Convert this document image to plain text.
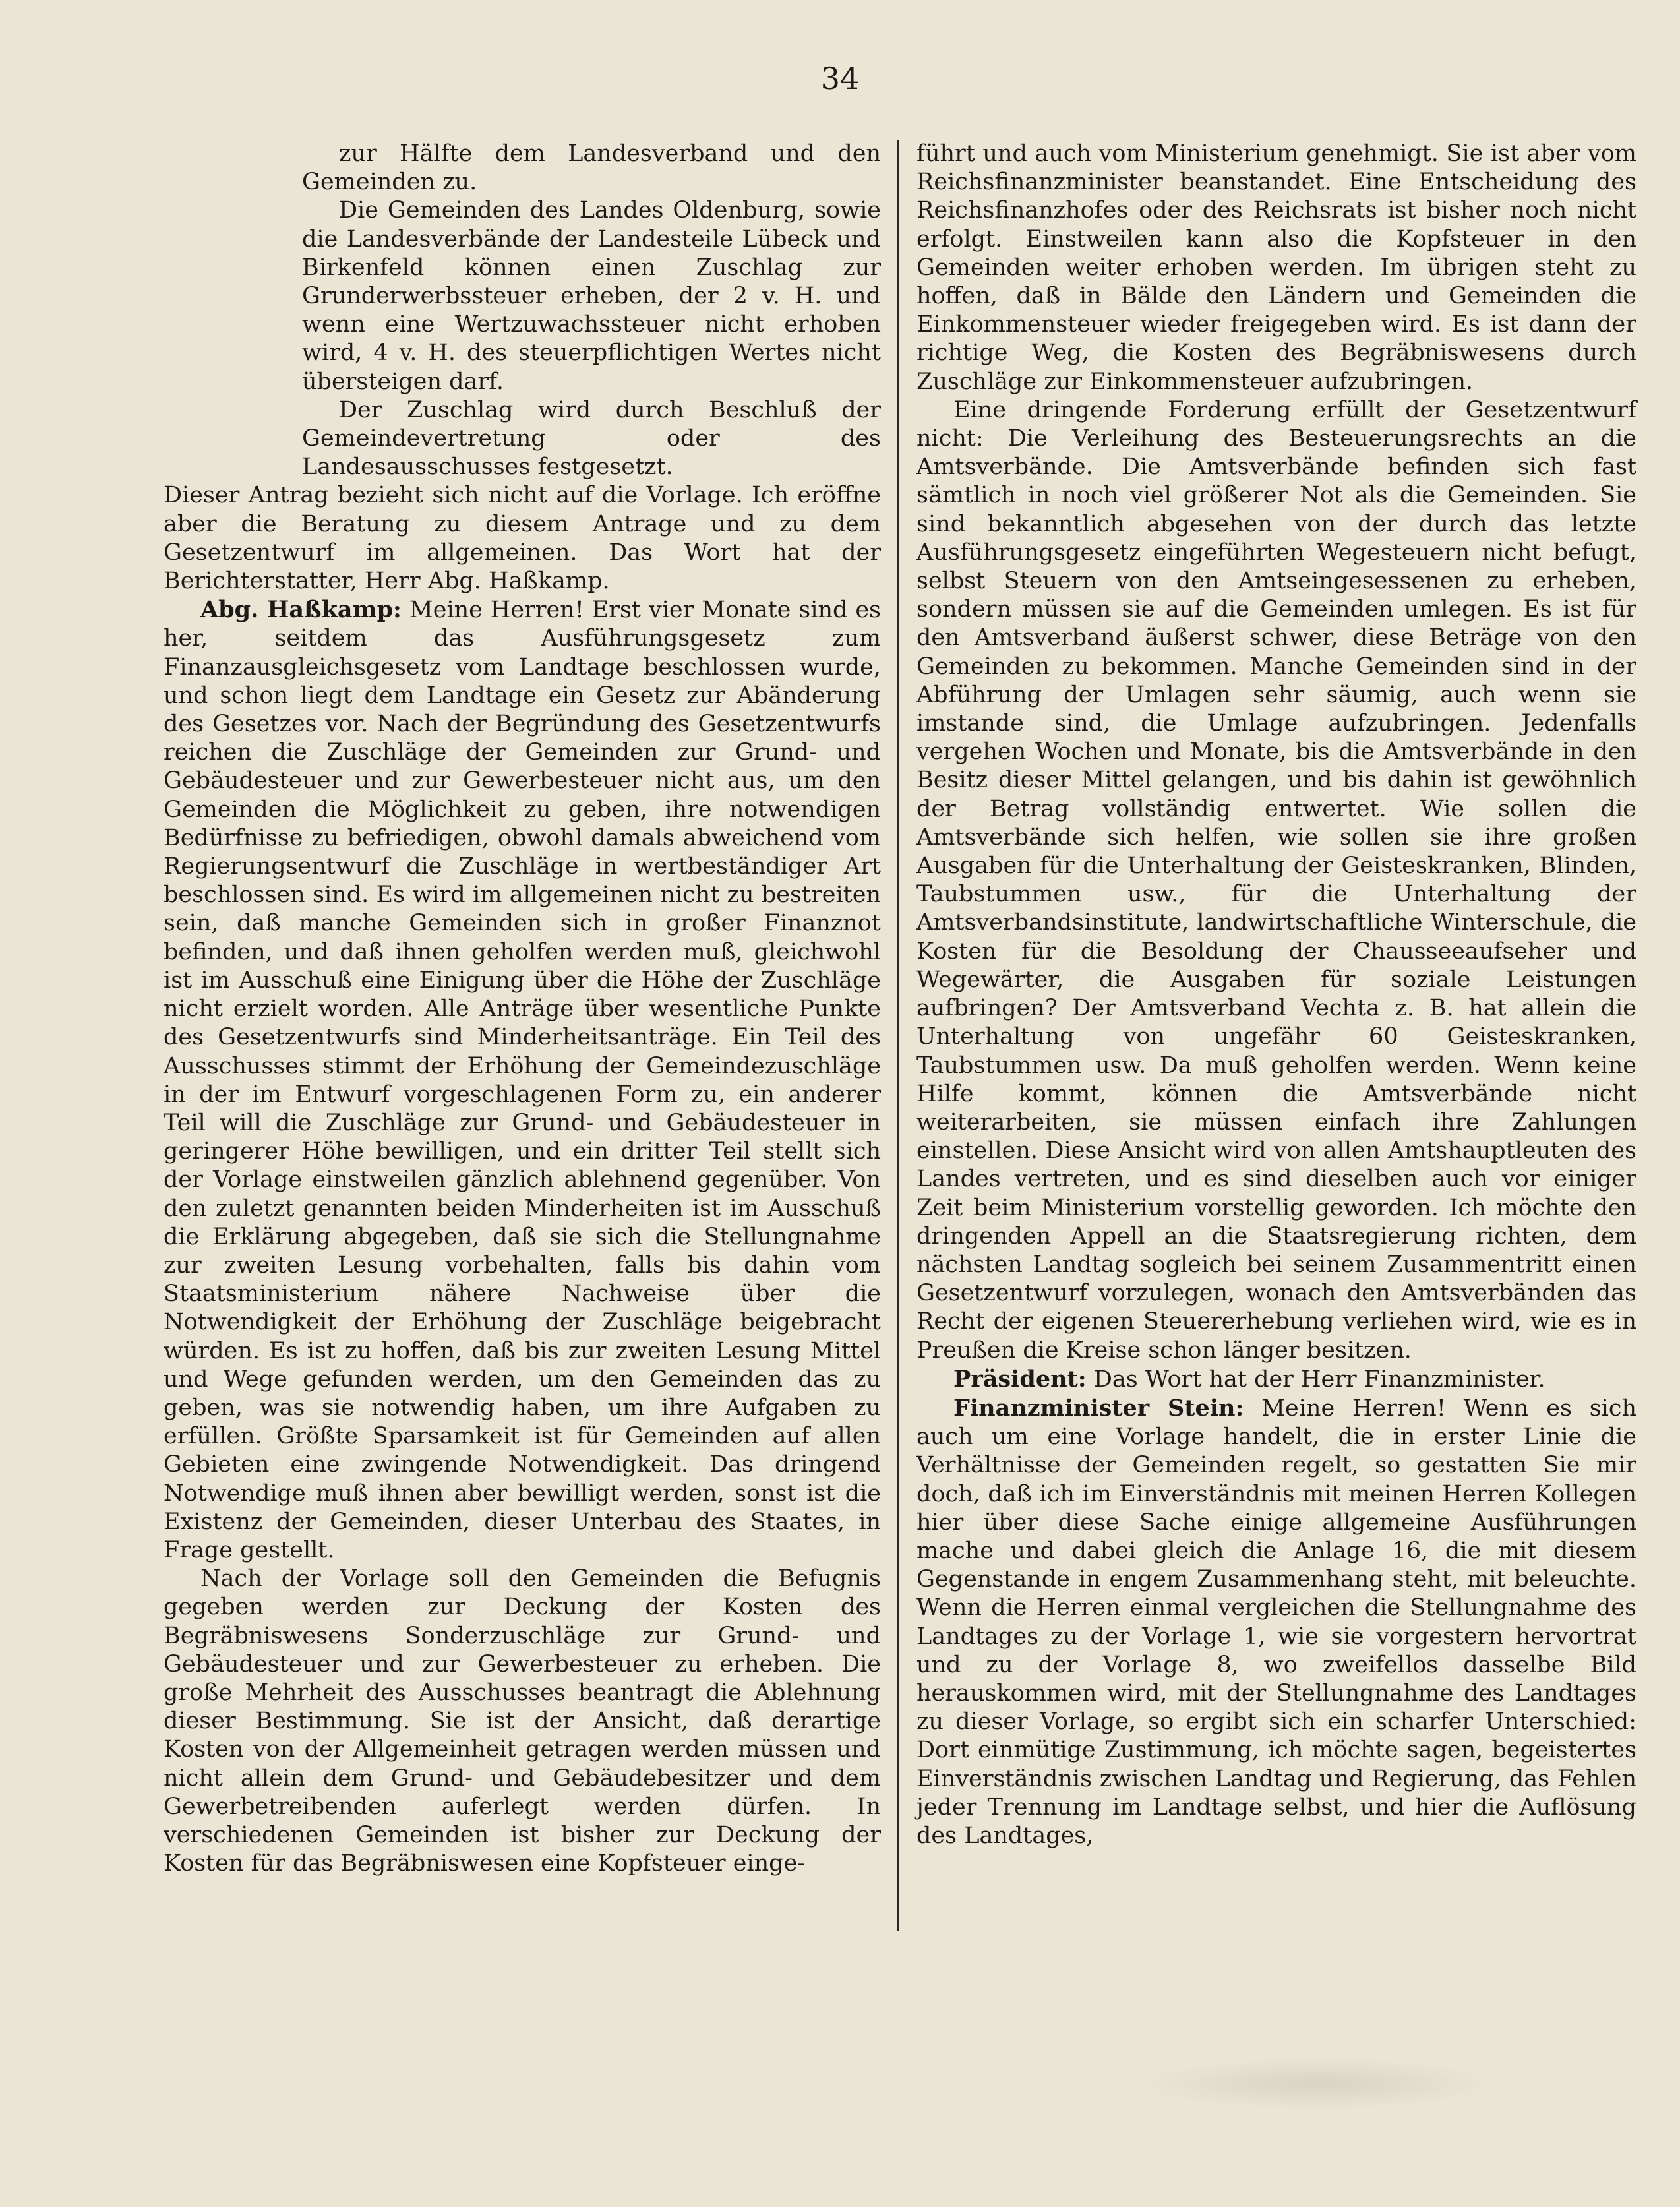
34

zur Hälfte dem Landesverband und den Gemeinden zu.

Die Gemeinden des Landes Oldenburg, sowie die Landesverbände der Landesteile Lübeck und Birkenfeld können einen Zuschlag zur Grunderwerbssteuer erheben, der 2 v. H. und wenn eine Wertzuwachssteuer nicht erhoben wird, 4 v. H. des steuerpflichtigen Wertes nicht übersteigen darf.

Der Zuschlag wird durch Beschluß der Gemeindevertretung oder des Landesausschusses festgesetzt.

Dieser Antrag bezieht sich nicht auf die Vorlage. Ich eröffne aber die Beratung zu diesem Antrage und zu dem Gesetzentwurf im allgemeinen. Das Wort hat der Berichterstatter, Herr Abg. Haßkamp.

Abg. Haßkamp: Meine Herren! Erst vier Monate sind es her, seitdem das Ausführungsgesetz zum Finanzausgleichsgesetz vom Landtage beschlossen wurde, und schon liegt dem Landtage ein Gesetz zur Abänderung des Gesetzes vor. Nach der Begründung des Gesetzentwurfs reichen die Zuschläge der Gemeinden zur Grund- und Gebäudesteuer und zur Gewerbesteuer nicht aus, um den Gemeinden die Möglichkeit zu geben, ihre notwendigen Bedürfnisse zu befriedigen, obwohl damals abweichend vom Regierungsentwurf die Zuschläge in wertbeständiger Art beschlossen sind. Es wird im allgemeinen nicht zu bestreiten sein, daß manche Gemeinden sich in großer Finanznot befinden, und daß ihnen geholfen werden muß, gleichwohl ist im Ausschuß eine Einigung über die Höhe der Zuschläge nicht erzielt worden. Alle Anträge über wesentliche Punkte des Gesetzentwurfs sind Minderheitsanträge. Ein Teil des Ausschusses stimmt der Erhöhung der Gemeindezuschläge in der im Entwurf vorgeschlagenen Form zu, ein anderer Teil will die Zuschläge zur Grund- und Gebäudesteuer in geringerer Höhe bewilligen, und ein dritter Teil stellt sich der Vorlage einstweilen gänzlich ablehnend gegenüber. Von den zuletzt genannten beiden Minderheiten ist im Ausschuß die Erklärung abgegeben, daß sie sich die Stellungnahme zur zweiten Lesung vorbehalten, falls bis dahin vom Staatsministerium nähere Nachweise über die Notwendigkeit der Erhöhung der Zuschläge beigebracht würden. Es ist zu hoffen, daß bis zur zweiten Lesung Mittel und Wege gefunden werden, um den Gemeinden das zu geben, was sie notwendig haben, um ihre Aufgaben zu erfüllen. Größte Sparsamkeit ist für Gemeinden auf allen Gebieten eine zwingende Notwendigkeit. Das dringend Notwendige muß ihnen aber bewilligt werden, sonst ist die Existenz der Gemeinden, dieser Unterbau des Staates, in Frage gestellt.

Nach der Vorlage soll den Gemeinden die Befugnis gegeben werden zur Deckung der Kosten des Begräbniswesens Sonderzuschläge zur Grund- und Gebäudesteuer und zur Gewerbesteuer zu erheben. Die große Mehrheit des Ausschusses beantragt die Ablehnung dieser Bestimmung. Sie ist der Ansicht, daß derartige Kosten von der Allgemeinheit getragen werden müssen und nicht allein dem Grund- und Gebäudebesitzer und dem Gewerbetreibenden auferlegt werden dürfen. In verschiedenen Gemeinden ist bisher zur Deckung der Kosten für das Begräbniswesen eine Kopfsteuer einge-

führt und auch vom Ministerium genehmigt. Sie ist aber vom Reichsfinanzminister beanstandet. Eine Entscheidung des Reichsfinanzhofes oder des Reichsrats ist bisher noch nicht erfolgt. Einstweilen kann also die Kopfsteuer in den Gemeinden weiter erhoben werden. Im übrigen steht zu hoffen, daß in Bälde den Ländern und Gemeinden die Einkommensteuer wieder freigegeben wird. Es ist dann der richtige Weg, die Kosten des Begräbniswesens durch Zuschläge zur Einkommensteuer aufzubringen.

Eine dringende Forderung erfüllt der Gesetzentwurf nicht: Die Verleihung des Besteuerungsrechts an die Amtsverbände. Die Amtsverbände befinden sich fast sämtlich in noch viel größerer Not als die Gemeinden. Sie sind bekanntlich abgesehen von der durch das letzte Ausführungsgesetz eingeführten Wegesteuern nicht befugt, selbst Steuern von den Amtseingesessenen zu erheben, sondern müssen sie auf die Gemeinden umlegen. Es ist für den Amtsverband äußerst schwer, diese Beträge von den Gemeinden zu bekommen. Manche Gemeinden sind in der Abführung der Umlagen sehr säumig, auch wenn sie imstande sind, die Umlage aufzubringen. Jedenfalls vergehen Wochen und Monate, bis die Amtsverbände in den Besitz dieser Mittel gelangen, und bis dahin ist gewöhnlich der Betrag vollständig entwertet. Wie sollen die Amtsverbände sich helfen, wie sollen sie ihre großen Ausgaben für die Unterhaltung der Geisteskranken, Blinden, Taubstummen usw., für die Unterhaltung der Amtsverbandsinstitute, landwirtschaftliche Winterschule, die Kosten für die Besoldung der Chausseeaufseher und Wegewärter, die Ausgaben für soziale Leistungen aufbringen? Der Amtsverband Vechta z. B. hat allein die Unterhaltung von ungefähr 60 Geisteskranken, Taubstummen usw. Da muß geholfen werden. Wenn keine Hilfe kommt, können die Amtsverbände nicht weiterarbeiten, sie müssen einfach ihre Zahlungen einstellen. Diese Ansicht wird von allen Amtshauptleuten des Landes vertreten, und es sind dieselben auch vor einiger Zeit beim Ministerium vorstellig geworden. Ich möchte den dringenden Appell an die Staatsregierung richten, dem nächsten Landtag sogleich bei seinem Zusammentritt einen Gesetzentwurf vorzulegen, wonach den Amtsverbänden das Recht der eigenen Steuererhebung verliehen wird, wie es in Preußen die Kreise schon länger besitzen.

Präsident: Das Wort hat der Herr Finanzminister.

Finanzminister Stein: Meine Herren! Wenn es sich auch um eine Vorlage handelt, die in erster Linie die Verhältnisse der Gemeinden regelt, so gestatten Sie mir doch, daß ich im Einverständnis mit meinen Herren Kollegen hier über diese Sache einige allgemeine Ausführungen mache und dabei gleich die Anlage 16, die mit diesem Gegenstande in engem Zusammenhang steht, mit beleuchte. Wenn die Herren einmal vergleichen die Stellungnahme des Landtages zu der Vorlage 1, wie sie vorgestern hervortrat und zu der Vorlage 8, wo zweifellos dasselbe Bild herauskommen wird, mit der Stellungnahme des Landtages zu dieser Vorlage, so ergibt sich ein scharfer Unterschied: Dort einmütige Zustimmung, ich möchte sagen, begeistertes Einverständnis zwischen Landtag und Regierung, das Fehlen jeder Trennung im Landtage selbst, und hier die Auflösung des Landtages,
